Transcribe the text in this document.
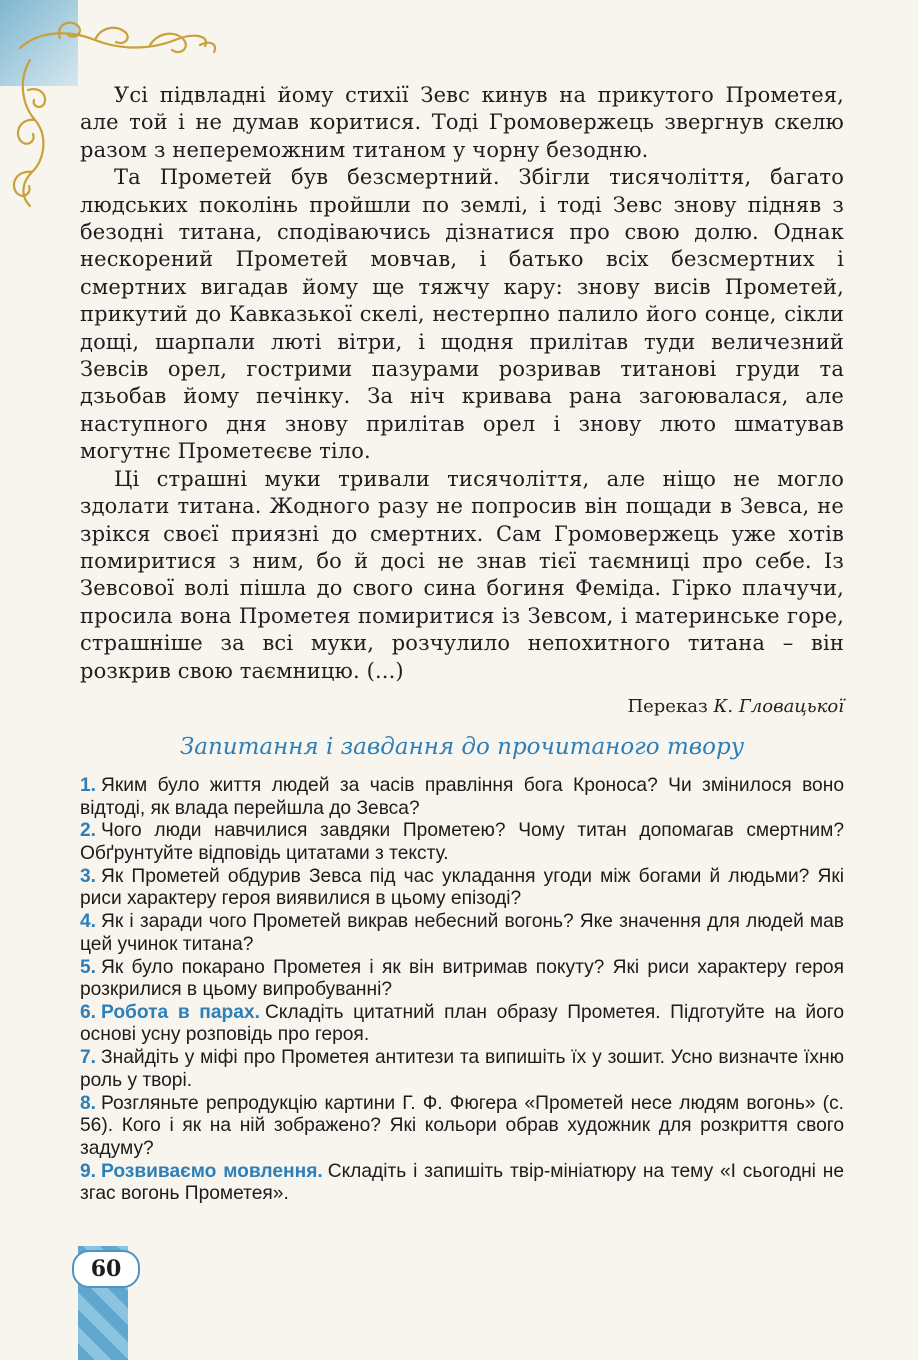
Усі підвладні йому стихії Зевс кинув на прикутого Прометея, але той і не думав коритися. Тоді Громовержець звергнув скелю разом з непереможним титаном у чорну безодню.

Та Прометей був безсмертний. Збігли тисячоліття, багато людських поколінь пройшли по землі, і тоді Зевс знову підняв з безодні титана, сподіваючись дізнатися про свою долю. Однак нескорений Прометей мовчав, і батько всіх безсмертних і смертних вигадав йому ще тяжчу кару: знову висів Прометей, прикутий до Кавказької скелі, нестерпно палило його сонце, сікли дощі, шарпали люті вітри, і щодня прилітав туди величезний Зевсів орел, гострими пазурами розривав титанові груди та дзьобав йому печінку. За ніч кривава рана загоювалася, але наступного дня знову прилітав орел і знову люто шматував могутнє Прометеєве тіло.

Ці страшні муки тривали тисячоліття, але ніщо не могло здолати титана. Жодного разу не попросив він пощади в Зевса, не зрікся своєї приязні до смертних. Сам Громовержець уже хотів помиритися з ним, бо й досі не знав тієї таємниці про себе. Із Зевсової волі пішла до свого сина богиня Феміда. Гірко плачучи, просила вона Прометея помиритися із Зевсом, і материнське горе, страшніше за всі муки, розчулило непохитного титана – він розкрив свою таємницю. (...)

Переказ К. Гловацької
Запитання і завдання до прочитаного твору
1. Яким було життя людей за часів правління бога Кроноса? Чи змінилося воно відтоді, як влада перейшла до Зевса?
2. Чого люди навчилися завдяки Прометею? Чому титан допомагав смертним? Обґрунтуйте відповідь цитатами з тексту.
3. Як Прометей обдурив Зевса під час укладання угоди між богами й людьми? Які риси характеру героя виявилися в цьому епізоді?
4. Як і заради чого Прометей викрав небесний вогонь? Яке значення для людей мав цей учинок титана?
5. Як було покарано Прометея і як він витримав покуту? Які риси характеру героя розкрилися в цьому випробуванні?
6. Робота в парах. Складіть цитатний план образу Прометея. Підготуйте на його основі усну розповідь про героя.
7. Знайдіть у міфі про Прометея антитези та випишіть їх у зошит. Усно визначте їхню роль у творі.
8. Розгляньте репродукцію картини Г. Ф. Фюгера «Прометей несе людям вогонь» (с. 56). Кого і як на ній зображено? Які кольори обрав художник для розкриття свого задуму?
9. Розвиваємо мовлення. Складіть і запишіть твір-мініатюру на тему «І сьогодні не згас вогонь Прометея».
60
